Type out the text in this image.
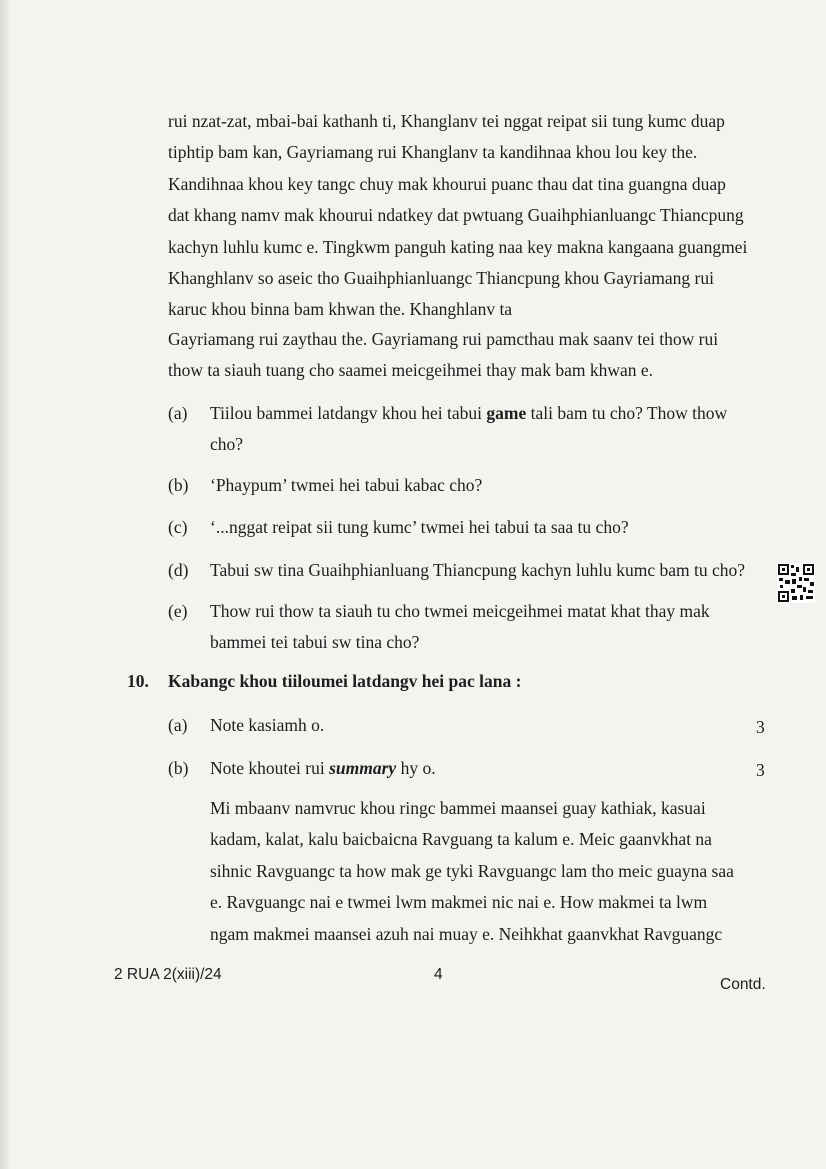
rui nzat-zat, mbai-bai kathanh ti, Khanglanv tei nggat reipat sii tung kumc duap
tiphtip bam kan, Gayriamang rui Khanglanv ta kandihnaa khou lou key the.
Kandihnaa khou key tangc chuy mak khourui puanc thau dat tina guangna duap
dat khang namv mak khourui ndatkey dat pwtuang Guaihphianluangc Thiancpung
kachyn luhlu kumc e. Tingkwm panguh kating naa key makna kangaana guangmei
Khanghlanv so aseic tho Guaihphianluangc Thiancpung khou Gayriamang rui
karuc khou binna bam khwan the. Khanghlanv ta
Gayriamang rui zaythau the. Gayriamang rui pamcthau mak saanv tei thow rui
thow ta siauh tuang cho saamei meicgeihmei thay mak bam khwan e.
(a) Tiilou bammei latdangv khou hei tabui game tali bam tu cho? Thow thow
cho?
(b) ‘Phaypum’ twmei hei tabui kabac cho?
(c) ‘...nggat reipat sii tung kumc’ twmei hei tabui ta saa tu cho?
(d) Tabui sw tina Guaihphianluang Thiancpung kachyn luhlu kumc bam tu cho?
(e) Thow rui thow ta siauh tu cho twmei meicgeihmei matat khat thay mak
bammei tei tabui sw tina cho?
10. Kabangc khou tiiloumei latdangv hei pac lana :
(a) Note kasiamh o.	3
(b) Note khoutei rui summary hy o.	3
Mi mbaanv namvruc khou ringc bammei maansei guay kathiak, kasuai
kadam, kalat, kalu baicbaicna Ravguang ta kalum e. Meic gaanvkhat na
sihnic Ravguangc ta how mak ge tyki Ravguangc lam tho meic guayna saa
e. Ravguangc nai e twmei lwm makmei nic nai e. How makmei ta lwm
ngam makmei maansei azuh nai muay e. Neihkhat gaanvkhat Ravguangc
2 RUA 2(xiii)/24	4
Contd.
